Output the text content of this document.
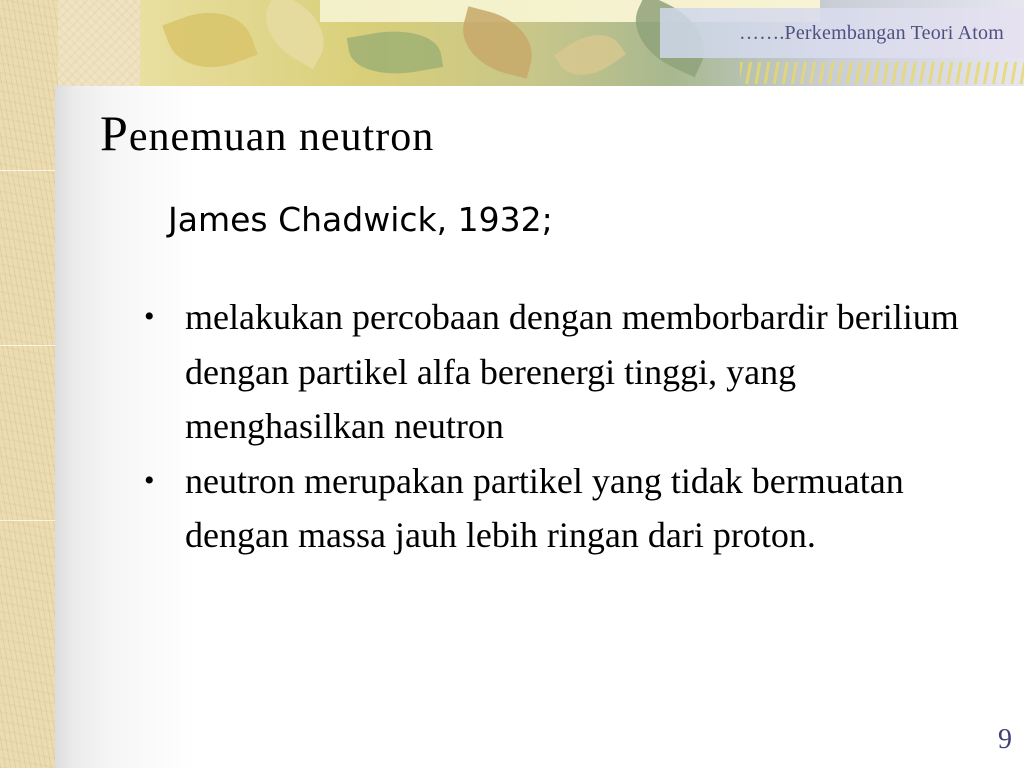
…….Perkembangan Teori Atom
Penemuan neutron
James Chadwick, 1932;
• melakukan percobaan dengan memborbardir berilium dengan partikel alfa berenergi tinggi, yang menghasilkan neutron
• neutron merupakan partikel yang tidak bermuatan dengan massa jauh lebih ringan dari proton.
9
